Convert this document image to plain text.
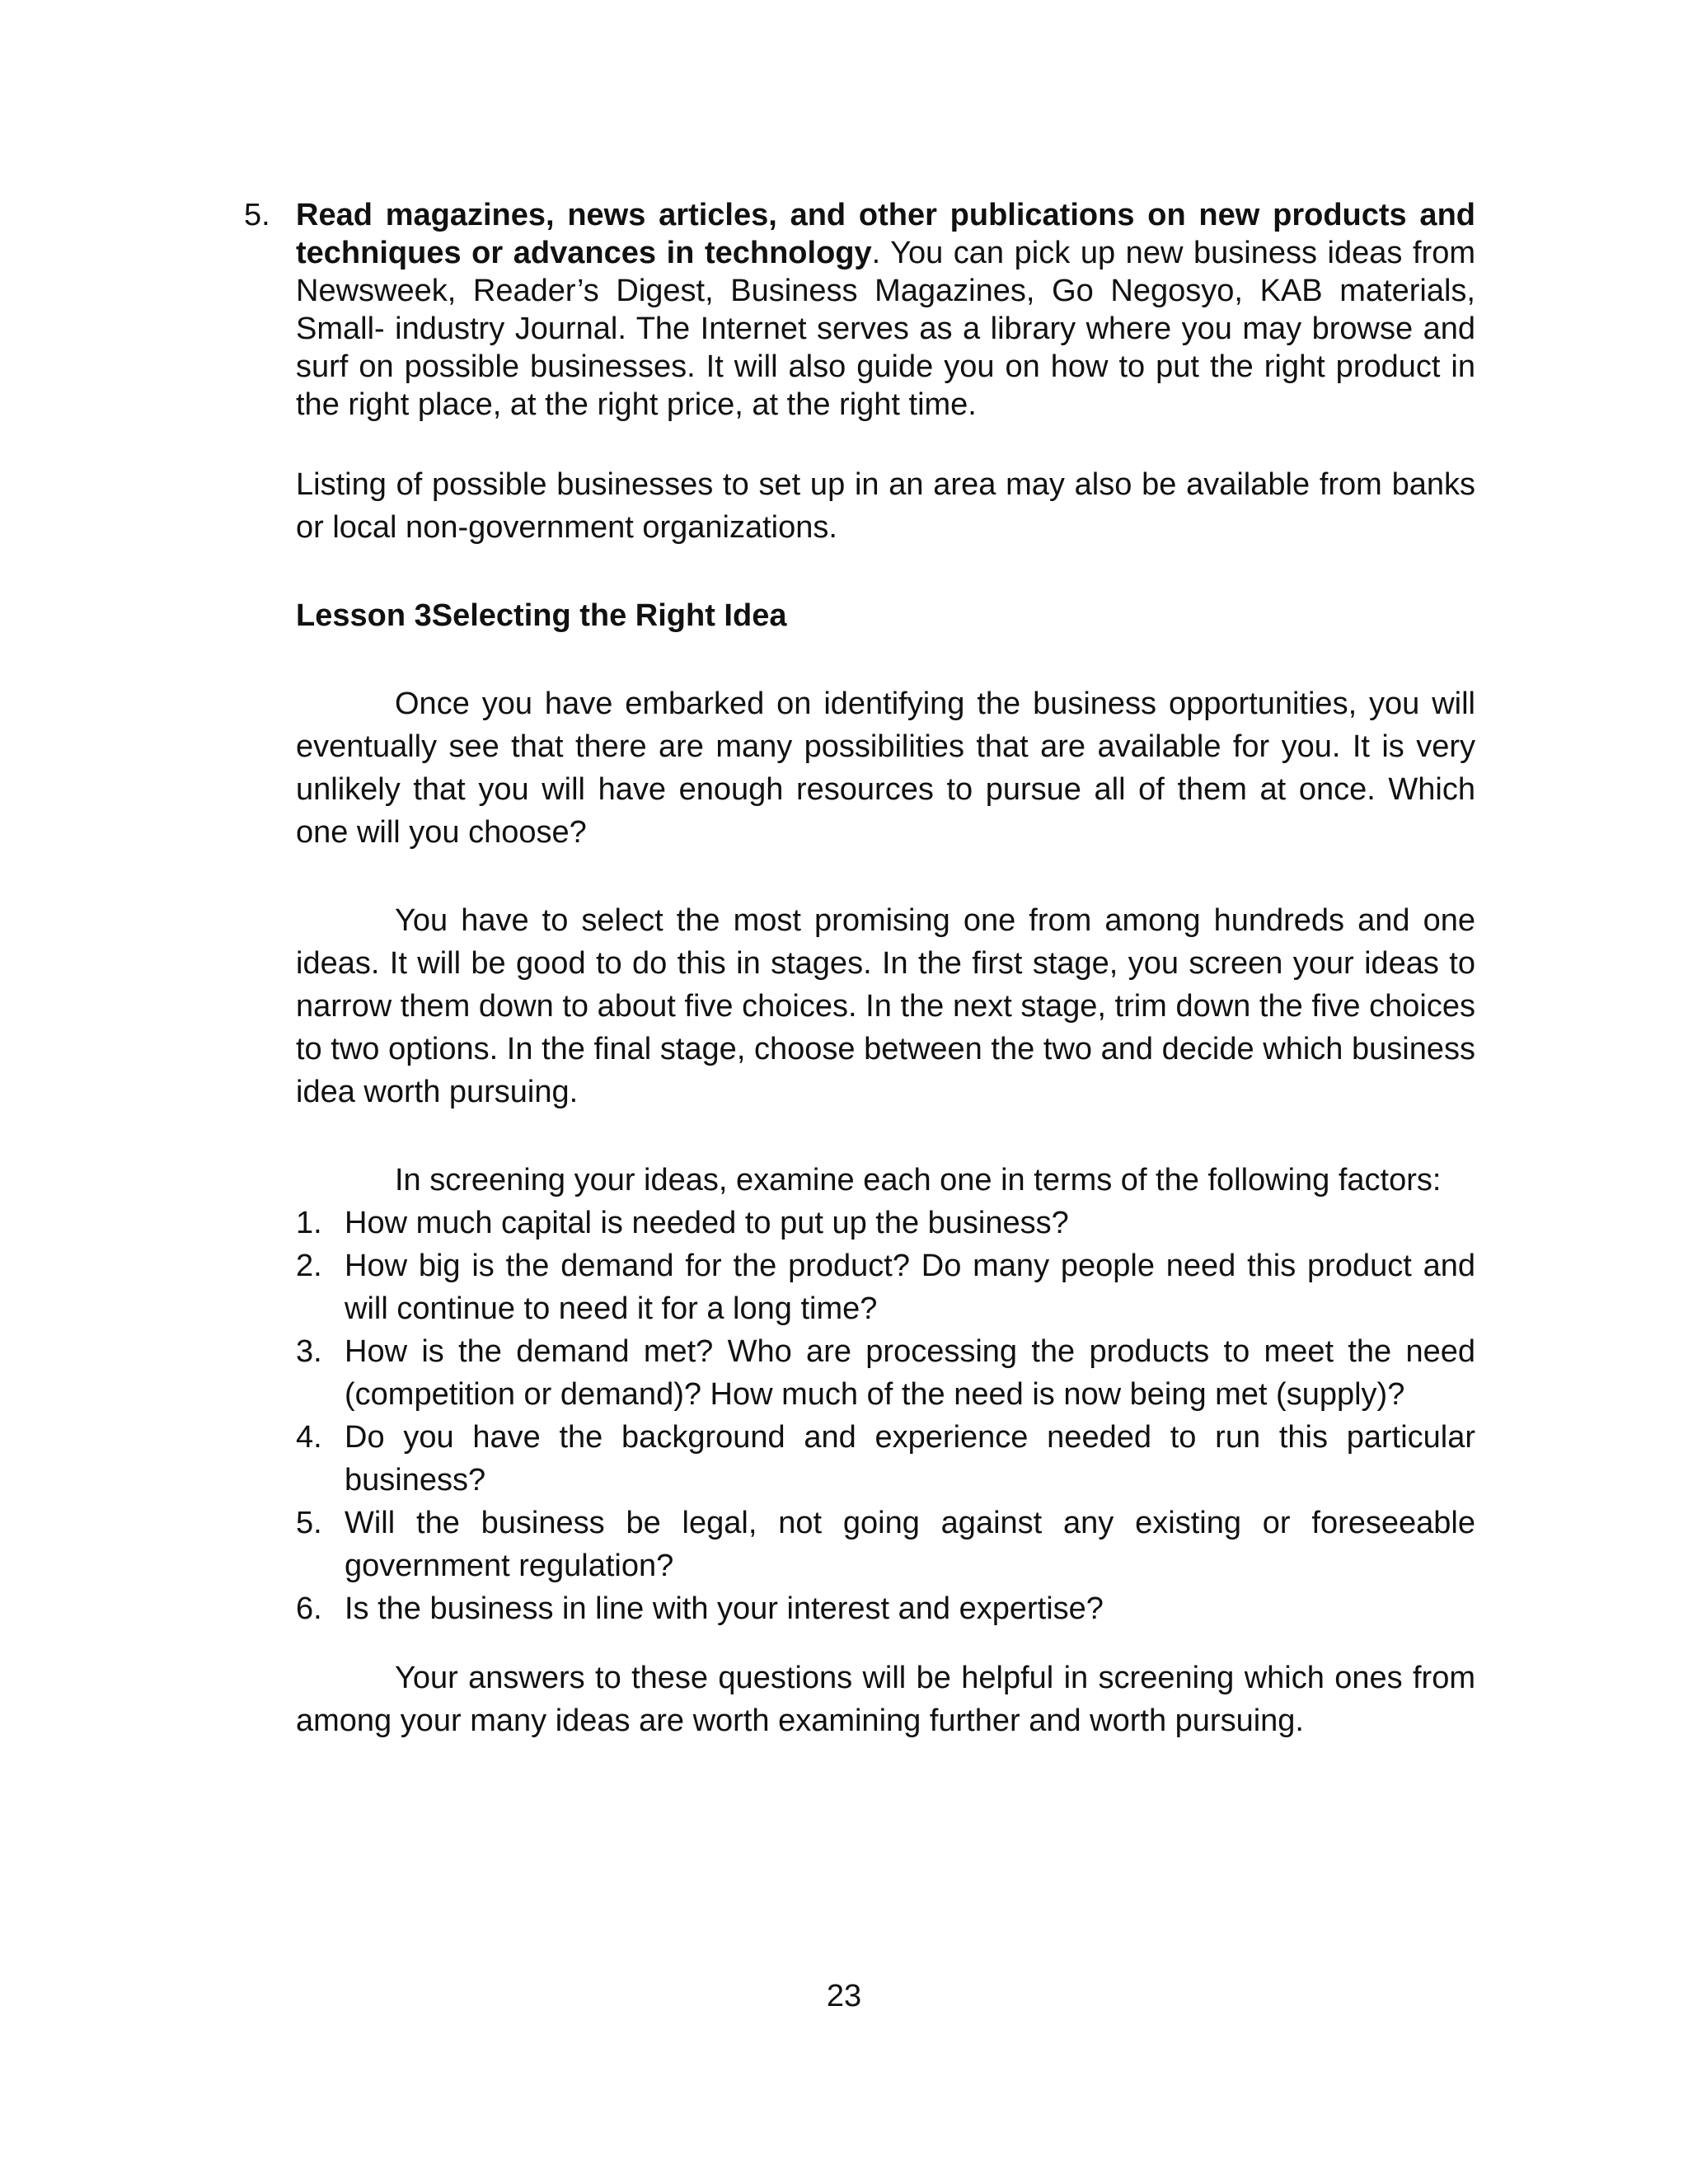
5. Read magazines, news articles, and other publications on new products and techniques or advances in technology. You can pick up new business ideas from Newsweek, Reader’s Digest, Business Magazines, Go Negosyo, KAB materials, Small- industry Journal. The Internet serves as a library where you may browse and surf on possible businesses. It will also guide you on how to put the right product in the right place, at the right price, at the right time.

Listing of possible businesses to set up in an area may also be available from banks or local non-government organizations.

Lesson 3Selecting the Right Idea

Once you have embarked on identifying the business opportunities, you will eventually see that there are many possibilities that are available for you. It is very unlikely that you will have enough resources to pursue all of them at once. Which one will you choose?

You have to select the most promising one from among hundreds and one ideas. It will be good to do this in stages. In the first stage, you screen your ideas to narrow them down to about five choices. In the next stage, trim down the five choices to two options. In the final stage, choose between the two and decide which business idea worth pursuing.

In screening your ideas, examine each one in terms of the following factors:

1. How much capital is needed to put up the business?
2. How big is the demand for the product? Do many people need this product and will continue to need it for a long time?
3. How is the demand met? Who are processing the products to meet the need (competition or demand)? How much of the need is now being met (supply)?
4. Do you have the background and experience needed to run this particular business?
5. Will the business be legal, not going against any existing or foreseeable government regulation?
6. Is the business in line with your interest and expertise?

Your answers to these questions will be helpful in screening which ones from among your many ideas are worth examining further and worth pursuing.

23
